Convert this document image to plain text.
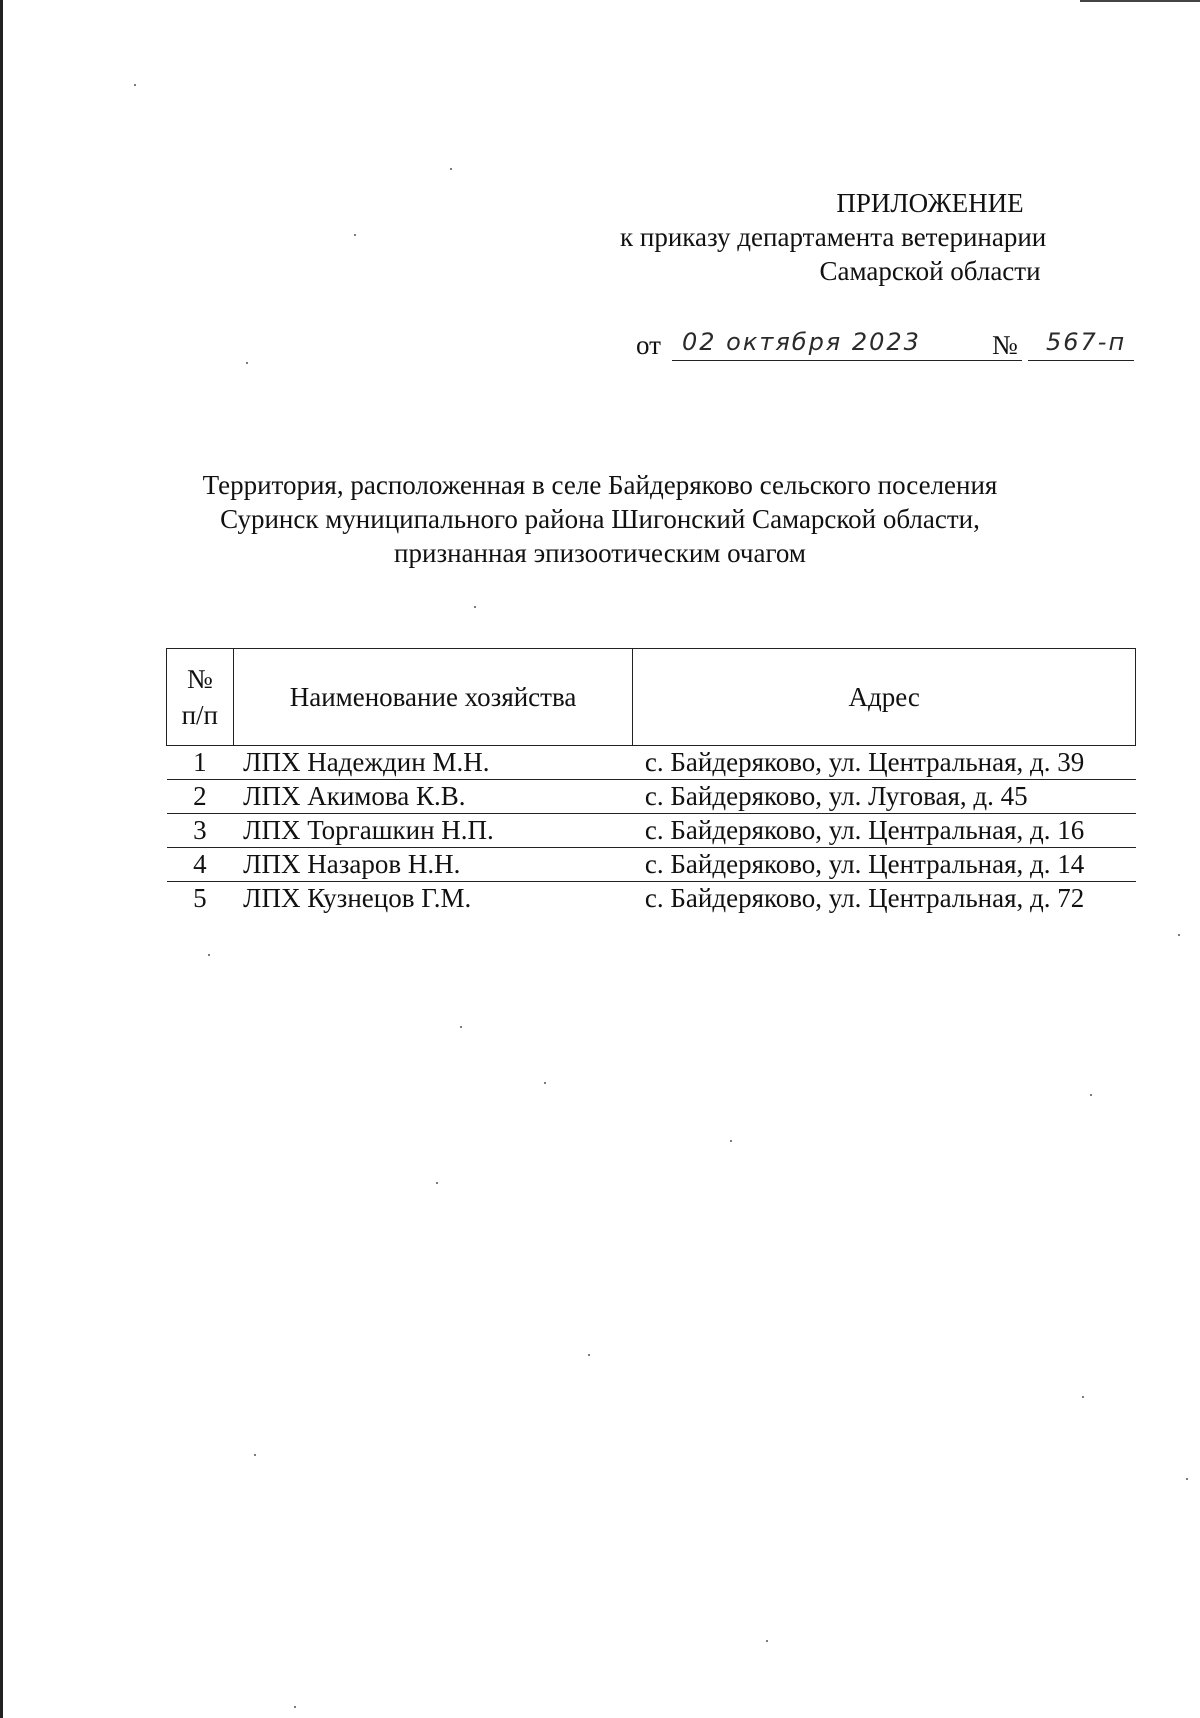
ПРИЛОЖЕНИЕ
к приказу департамента ветеринарии
Самарской области
от 02 октября 2023	№ 567-п
Территория, расположенная в селе Байдеряково сельского поселения
Суринск муниципального района Шигонский Самарской области,
признанная эпизоотическим очагом
№
п/п	Наименование хозяйства	Адрес
1	ЛПХ Надеждин М.Н.	с. Байдеряково, ул. Центральная, д. 39
2	ЛПХ Акимова К.В.	с. Байдеряково, ул. Луговая, д. 45
3	ЛПХ Торгашкин Н.П.	с. Байдеряково, ул. Центральная, д. 16
4	ЛПХ Назаров Н.Н.	с. Байдеряково, ул. Центральная, д. 14
5	ЛПХ Кузнецов Г.М.	с. Байдеряково, ул. Центральная, д. 72
